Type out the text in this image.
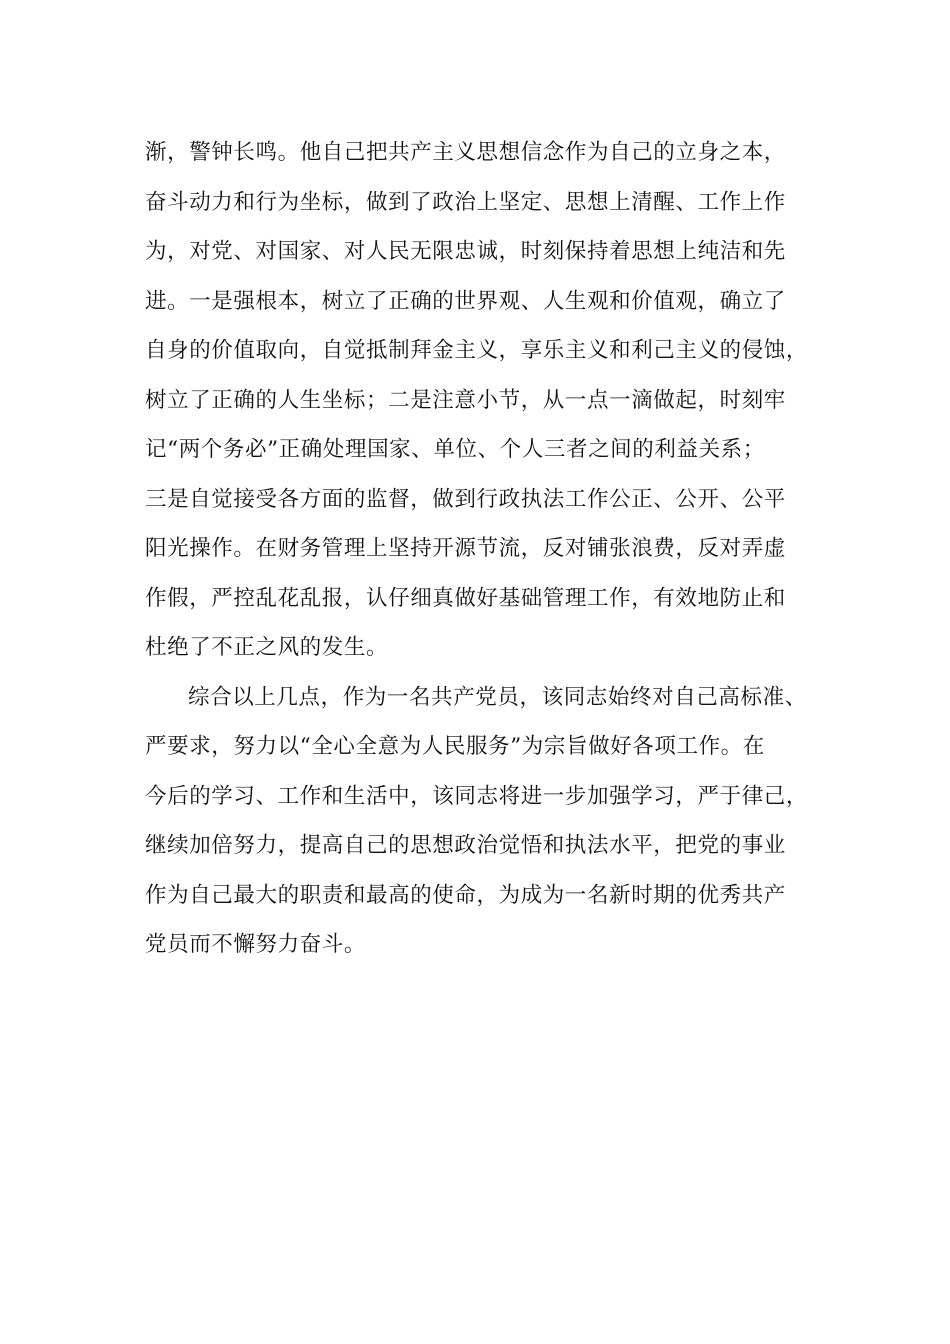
渐，警钟长鸣。他自己把共产主义思想信念作为自己的立身之本，
奋斗动力和行为坐标，做到了政治上坚定、思想上清醒、工作上作
为，对党、对国家、对人民无限忠诚，时刻保持着思想上纯洁和先
进。一是强根本，树立了正确的世界观、人生观和价值观，确立了
自身的价值取向，自觉抵制拜金主义，享乐主义和利己主义的侵蚀，
树立了正确的人生坐标；二是注意小节，从一点一滴做起，时刻牢
记“两个务必”正确处理国家、单位、个人三者之间的利益关系；
三是自觉接受各方面的监督，做到行政执法工作公正、公开、公平
阳光操作。在财务管理上坚持开源节流，反对铺张浪费，反对弄虚
作假，严控乱花乱报，认仔细真做好基础管理工作，有效地防止和
杜绝了不正之风的发生。
综合以上几点，作为一名共产党员，该同志始终对自己高标准、
严要求，努力以“全心全意为人民服务”为宗旨做好各项工作。在
今后的学习、工作和生活中，该同志将进一步加强学习，严于律己，
继续加倍努力，提高自己的思想政治觉悟和执法水平，把党的事业
作为自己最大的职责和最高的使命，为成为一名新时期的优秀共产
党员而不懈努力奋斗。
